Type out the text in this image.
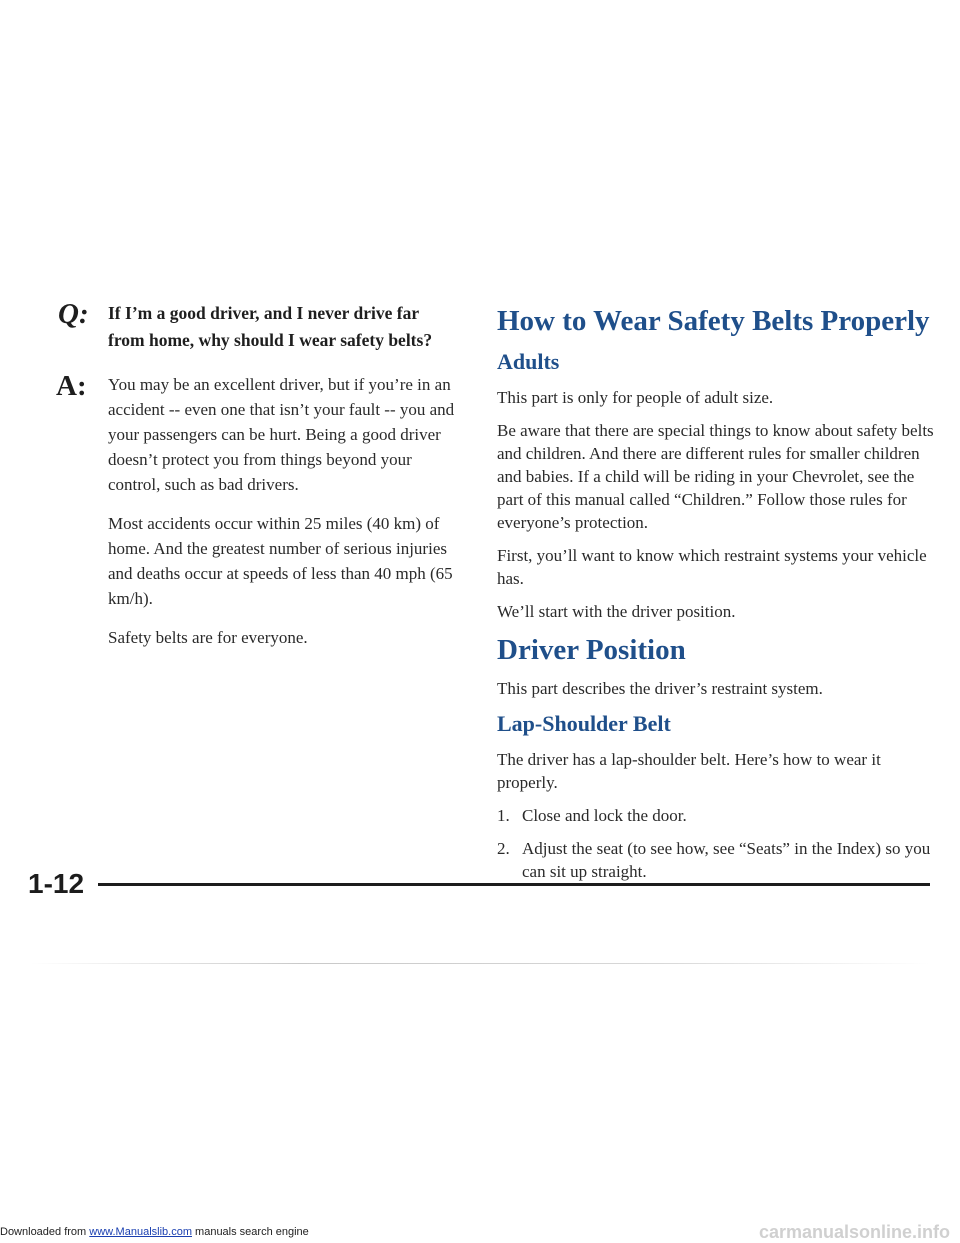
Q: If I’m a good driver, and I never drive far from home, why should I wear safety belts?

A: You may be an excellent driver, but if you’re in an accident -- even one that isn’t your fault -- you and your passengers can be hurt. Being a good driver doesn’t protect you from things beyond your control, such as bad drivers.

Most accidents occur within 25 miles (40 km) of home. And the greatest number of serious injuries and deaths occur at speeds of less than 40 mph (65 km/h).

Safety belts are for everyone.

How to Wear Safety Belts Properly
Adults

This part is only for people of adult size.

Be aware that there are special things to know about safety belts and children. And there are different rules for smaller children and babies. If a child will be riding in your Chevrolet, see the part of this manual called “Children.” Follow those rules for everyone’s protection.

First, you’ll want to know which restraint systems your vehicle has.

We’ll start with the driver position.

Driver Position

This part describes the driver’s restraint system.

Lap-Shoulder Belt

The driver has a lap-shoulder belt. Here’s how to wear it properly.

1. Close and lock the door.
2. Adjust the seat (to see how, see “Seats” in the Index) so you can sit up straight.
1-12
Downloaded from www.Manualslib.com manuals search engine	carmanualsonline.info
